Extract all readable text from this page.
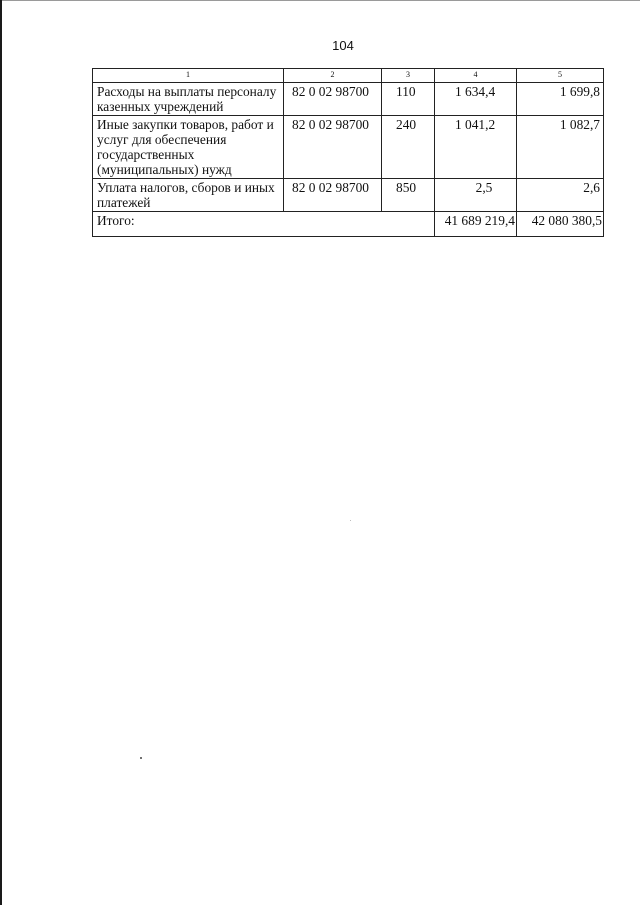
104
1	2	3	4	5
Расходы на выплаты персоналу казенных учреждений	82 0 02 98700	110	1 634,4	1 699,8
Иные закупки товаров, работ и услуг для обеспечения государственных (муниципальных) нужд	82 0 02 98700	240	1 041,2	1 082,7
Уплата налогов, сборов и иных платежей	82 0 02 98700	850	2,5	2,6
Итого:			41 689 219,4	42 080 380,5
